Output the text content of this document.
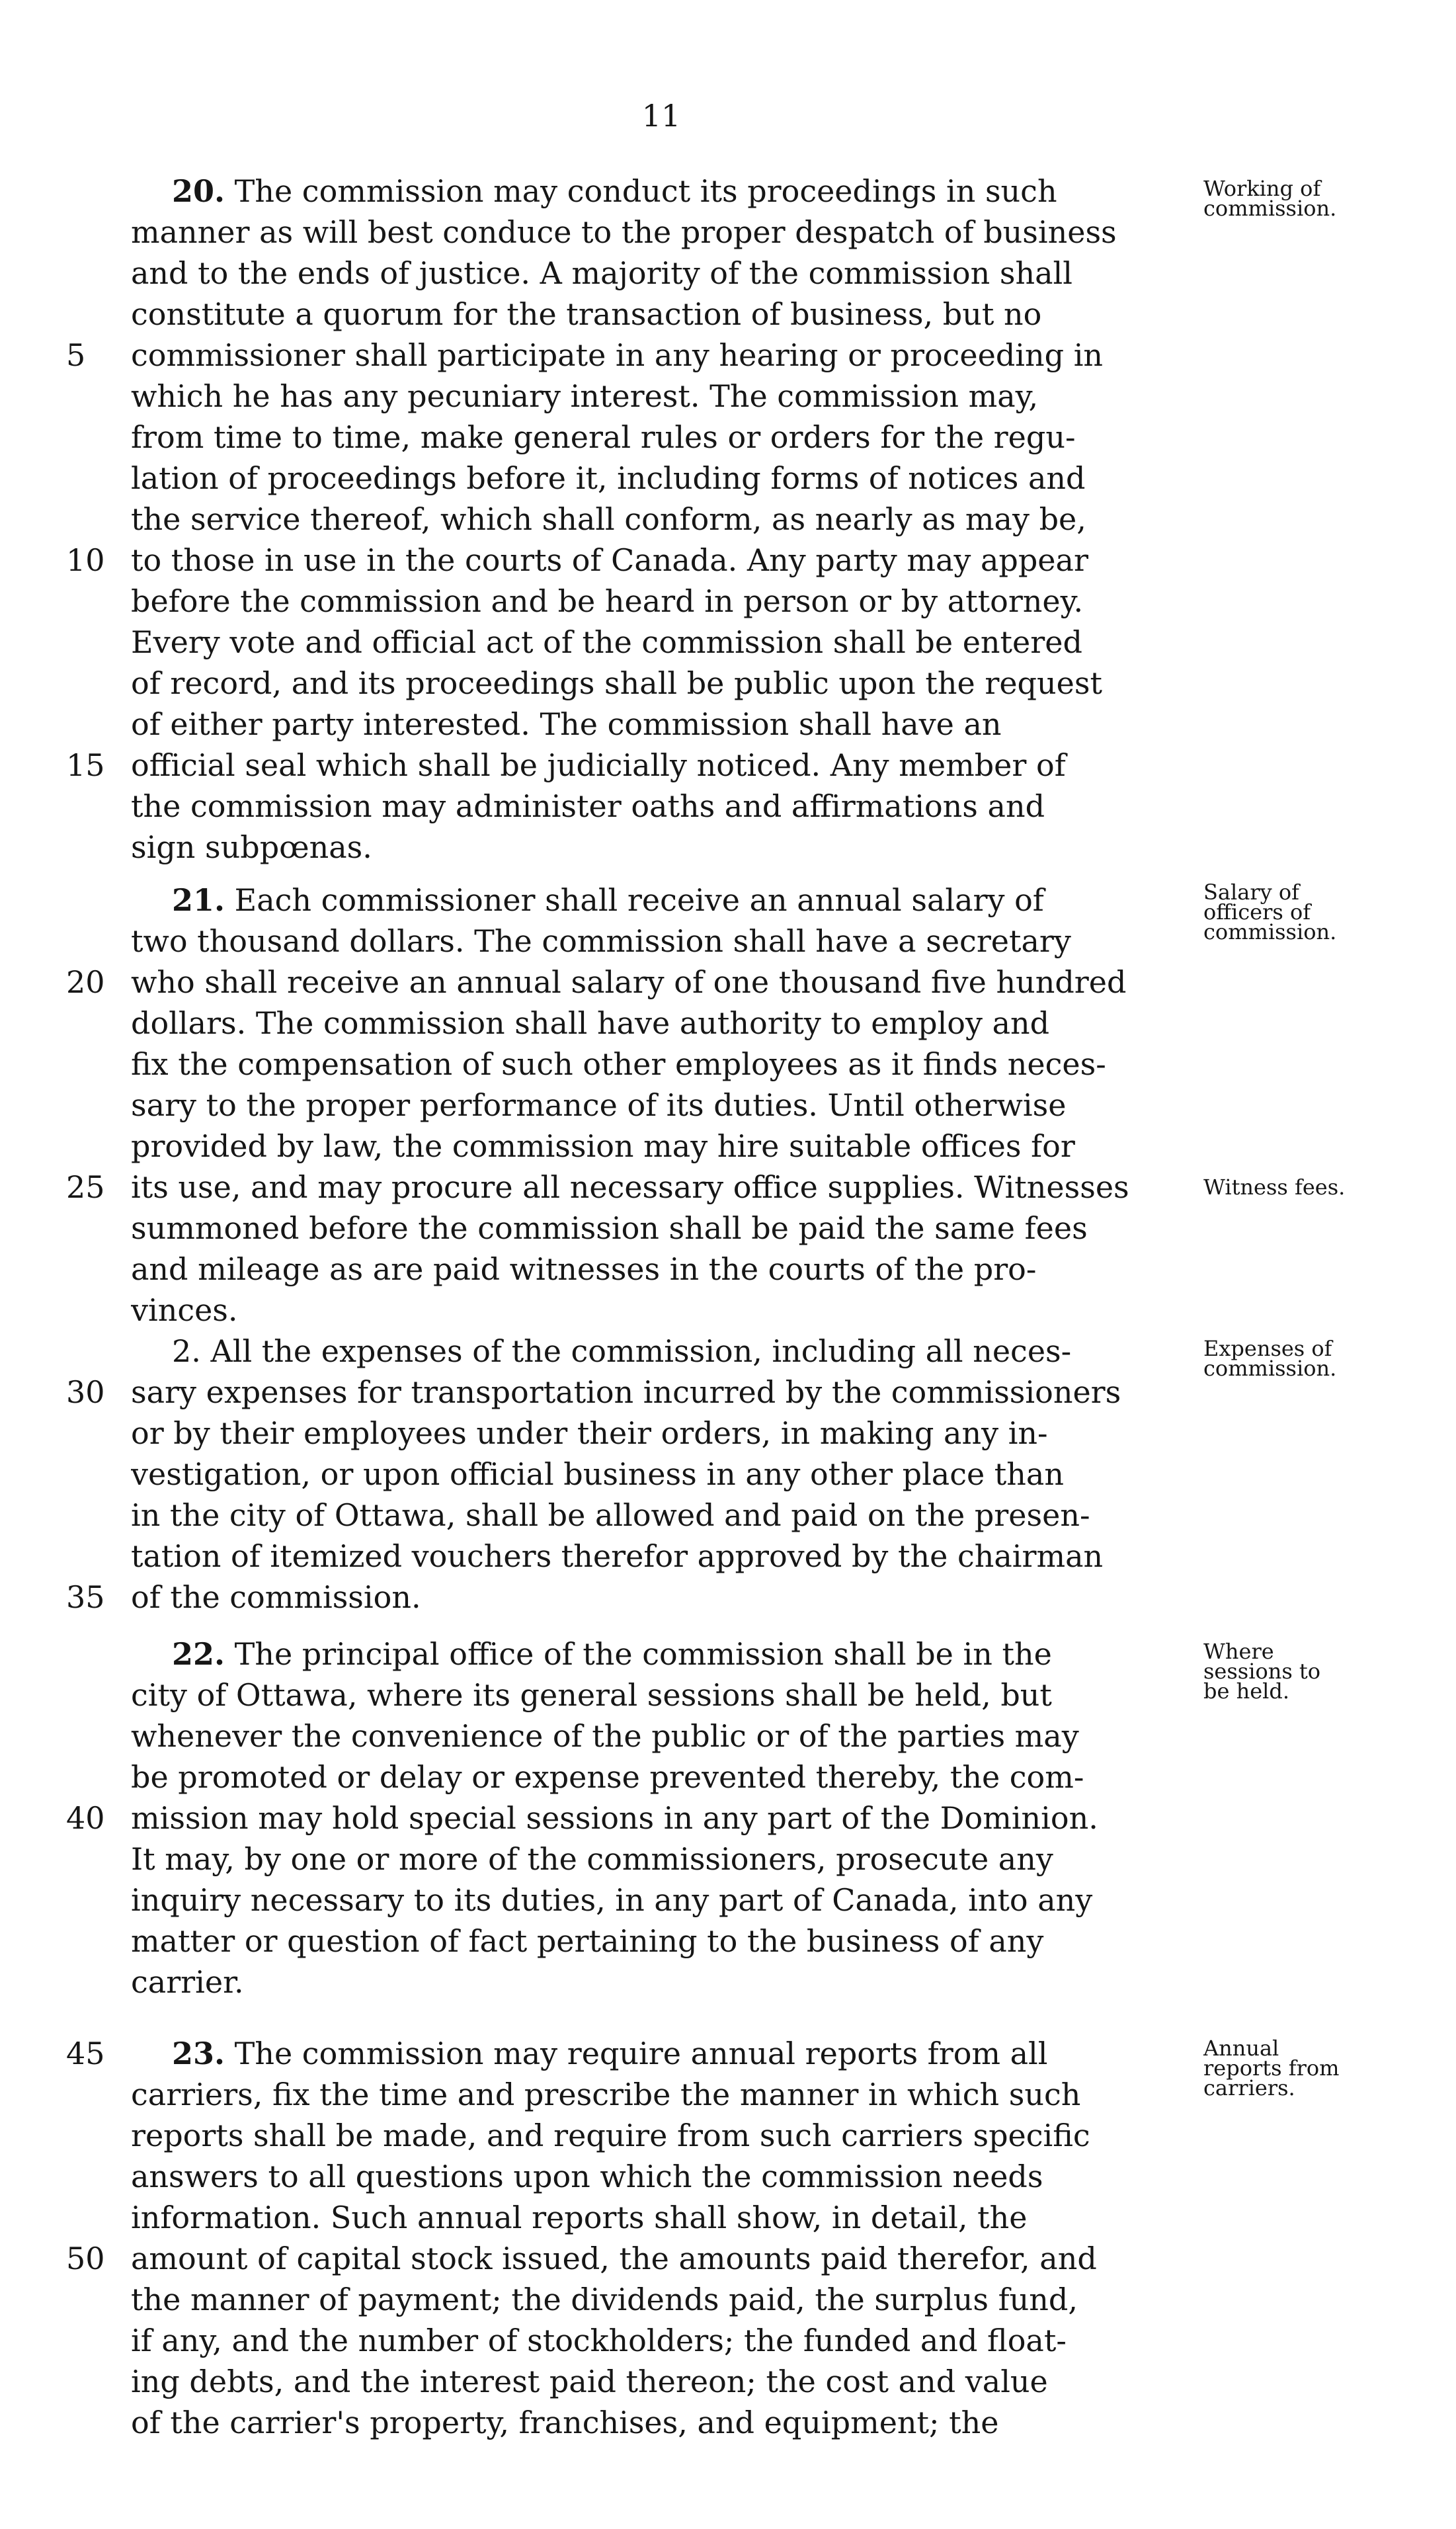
11
Working of
commission.
20. The commission may conduct its proceedings in such
manner as will best conduce to the proper despatch of business
and to the ends of justice. A majority of the commission shall
constitute a quorum for the transaction of business, but no
5	commissioner shall participate in any hearing or proceeding in
which he has any pecuniary interest. The commission may,
from time to time, make general rules or orders for the regu-
lation of proceedings before it, including forms of notices and
the service thereof, which shall conform, as nearly as may be,
10 to those in use in the courts of Canada. Any party may appear
before the commission and be heard in person or by attorney.
Every vote and official act of the commission shall be entered
of record, and its proceedings shall be public upon the request
of either party interested. The commission shall have an
15 official seal which shall be judicially noticed. Any member of
the commission may administer oaths and affirmations and
sign subpœnas.
Salary of
officers of
commission.
Witness fees.
Expenses of
commission.
21. Each commissioner shall receive an annual salary of
two thousand dollars. The commission shall have a secretary
20 who shall receive an annual salary of one thousand five hundred
dollars. The commission shall have authority to employ and
fix the compensation of such other employees as it finds neces-
sary to the proper performance of its duties. Until otherwise
provided by law, the commission may hire suitable offices for
25 its use, and may procure all necessary office supplies. Witnesses
summoned before the commission shall be paid the same fees
and mileage as are paid witnesses in the courts of the pro-
vinces.
2. All the expenses of the commission, including all neces-
30 sary expenses for transportation incurred by the commissioners
or by their employees under their orders, in making any in-
vestigation, or upon official business in any other place than
in the city of Ottawa, shall be allowed and paid on the presen-
tation of itemized vouchers therefor approved by the chairman
35 of the commission.
Where
sessions to
be held.
22. The principal office of the commission shall be in the
city of Ottawa, where its general sessions shall be held, but
whenever the convenience of the public or of the parties may
be promoted or delay or expense prevented thereby, the com-
40 mission may hold special sessions in any part of the Dominion.
It may, by one or more of the commissioners, prosecute any
inquiry necessary to its duties, in any part of Canada, into any
matter or question of fact pertaining to the business of any
carrier.
Annual
reports from
carriers.
45	23. The commission may require annual reports from all
carriers, fix the time and prescribe the manner in which such
reports shall be made, and require from such carriers specific
answers to all questions upon which the commission needs
information. Such annual reports shall show, in detail, the
50 amount of capital stock issued, the amounts paid therefor, and
the manner of payment; the dividends paid, the surplus fund,
if any, and the number of stockholders; the funded and float-
ing debts, and the interest paid thereon; the cost and value
of the carrier's property, franchises, and equipment; the
